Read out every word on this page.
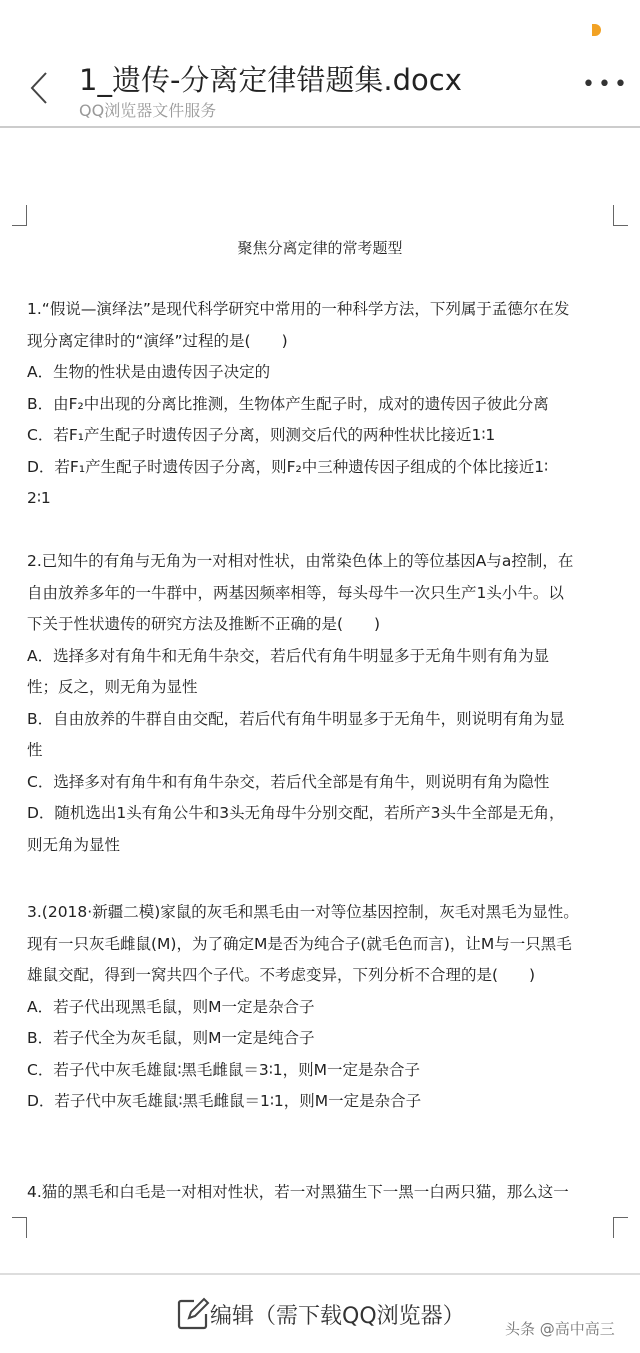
1_遗传-分离定律错题集.docx
QQ浏览器文件服务
•••
聚焦分离定律的常考题型
1.“假说—演绎法”是现代科学研究中常用的一种科学方法，下列属于孟德尔在发
现分离定律时的“演绎”过程的是(　　)
A．生物的性状是由遗传因子决定的
B．由F₂中出现的分离比推测，生物体产生配子时，成对的遗传因子彼此分离
C．若F₁产生配子时遗传因子分离，则测交后代的两种性状比接近1∶1
D．若F₁产生配子时遗传因子分离，则F₂中三种遗传因子组成的个体比接近1∶
2∶1
2.已知牛的有角与无角为一对相对性状，由常染色体上的等位基因A与a控制，在
自由放养多年的一牛群中，两基因频率相等，每头母牛一次只生产1头小牛。以
下关于性状遗传的研究方法及推断不正确的是(　　)
A．选择多对有角牛和无角牛杂交，若后代有角牛明显多于无角牛则有角为显
性；反之，则无角为显性
B．自由放养的牛群自由交配，若后代有角牛明显多于无角牛，则说明有角为显
性
C．选择多对有角牛和有角牛杂交，若后代全部是有角牛，则说明有角为隐性
D．随机选出1头有角公牛和3头无角母牛分别交配，若所产3头牛全部是无角，
则无角为显性
3.(2018·新疆二模)家鼠的灰毛和黑毛由一对等位基因控制，灰毛对黑毛为显性。
现有一只灰毛雌鼠(M)，为了确定M是否为纯合子(就毛色而言)，让M与一只黑毛
雄鼠交配，得到一窝共四个子代。不考虑变异，下列分析不合理的是(　　)
A．若子代出现黑毛鼠，则M一定是杂合子
B．若子代全为灰毛鼠，则M一定是纯合子
C．若子代中灰毛雄鼠∶黑毛雌鼠＝3∶1，则M一定是杂合子
D．若子代中灰毛雄鼠∶黑毛雌鼠＝1∶1，则M一定是杂合子
4.猫的黑毛和白毛是一对相对性状，若一对黑猫生下一黑一白两只猫，那么这一
编辑（需下载QQ浏览器）
头条 @高中高三
